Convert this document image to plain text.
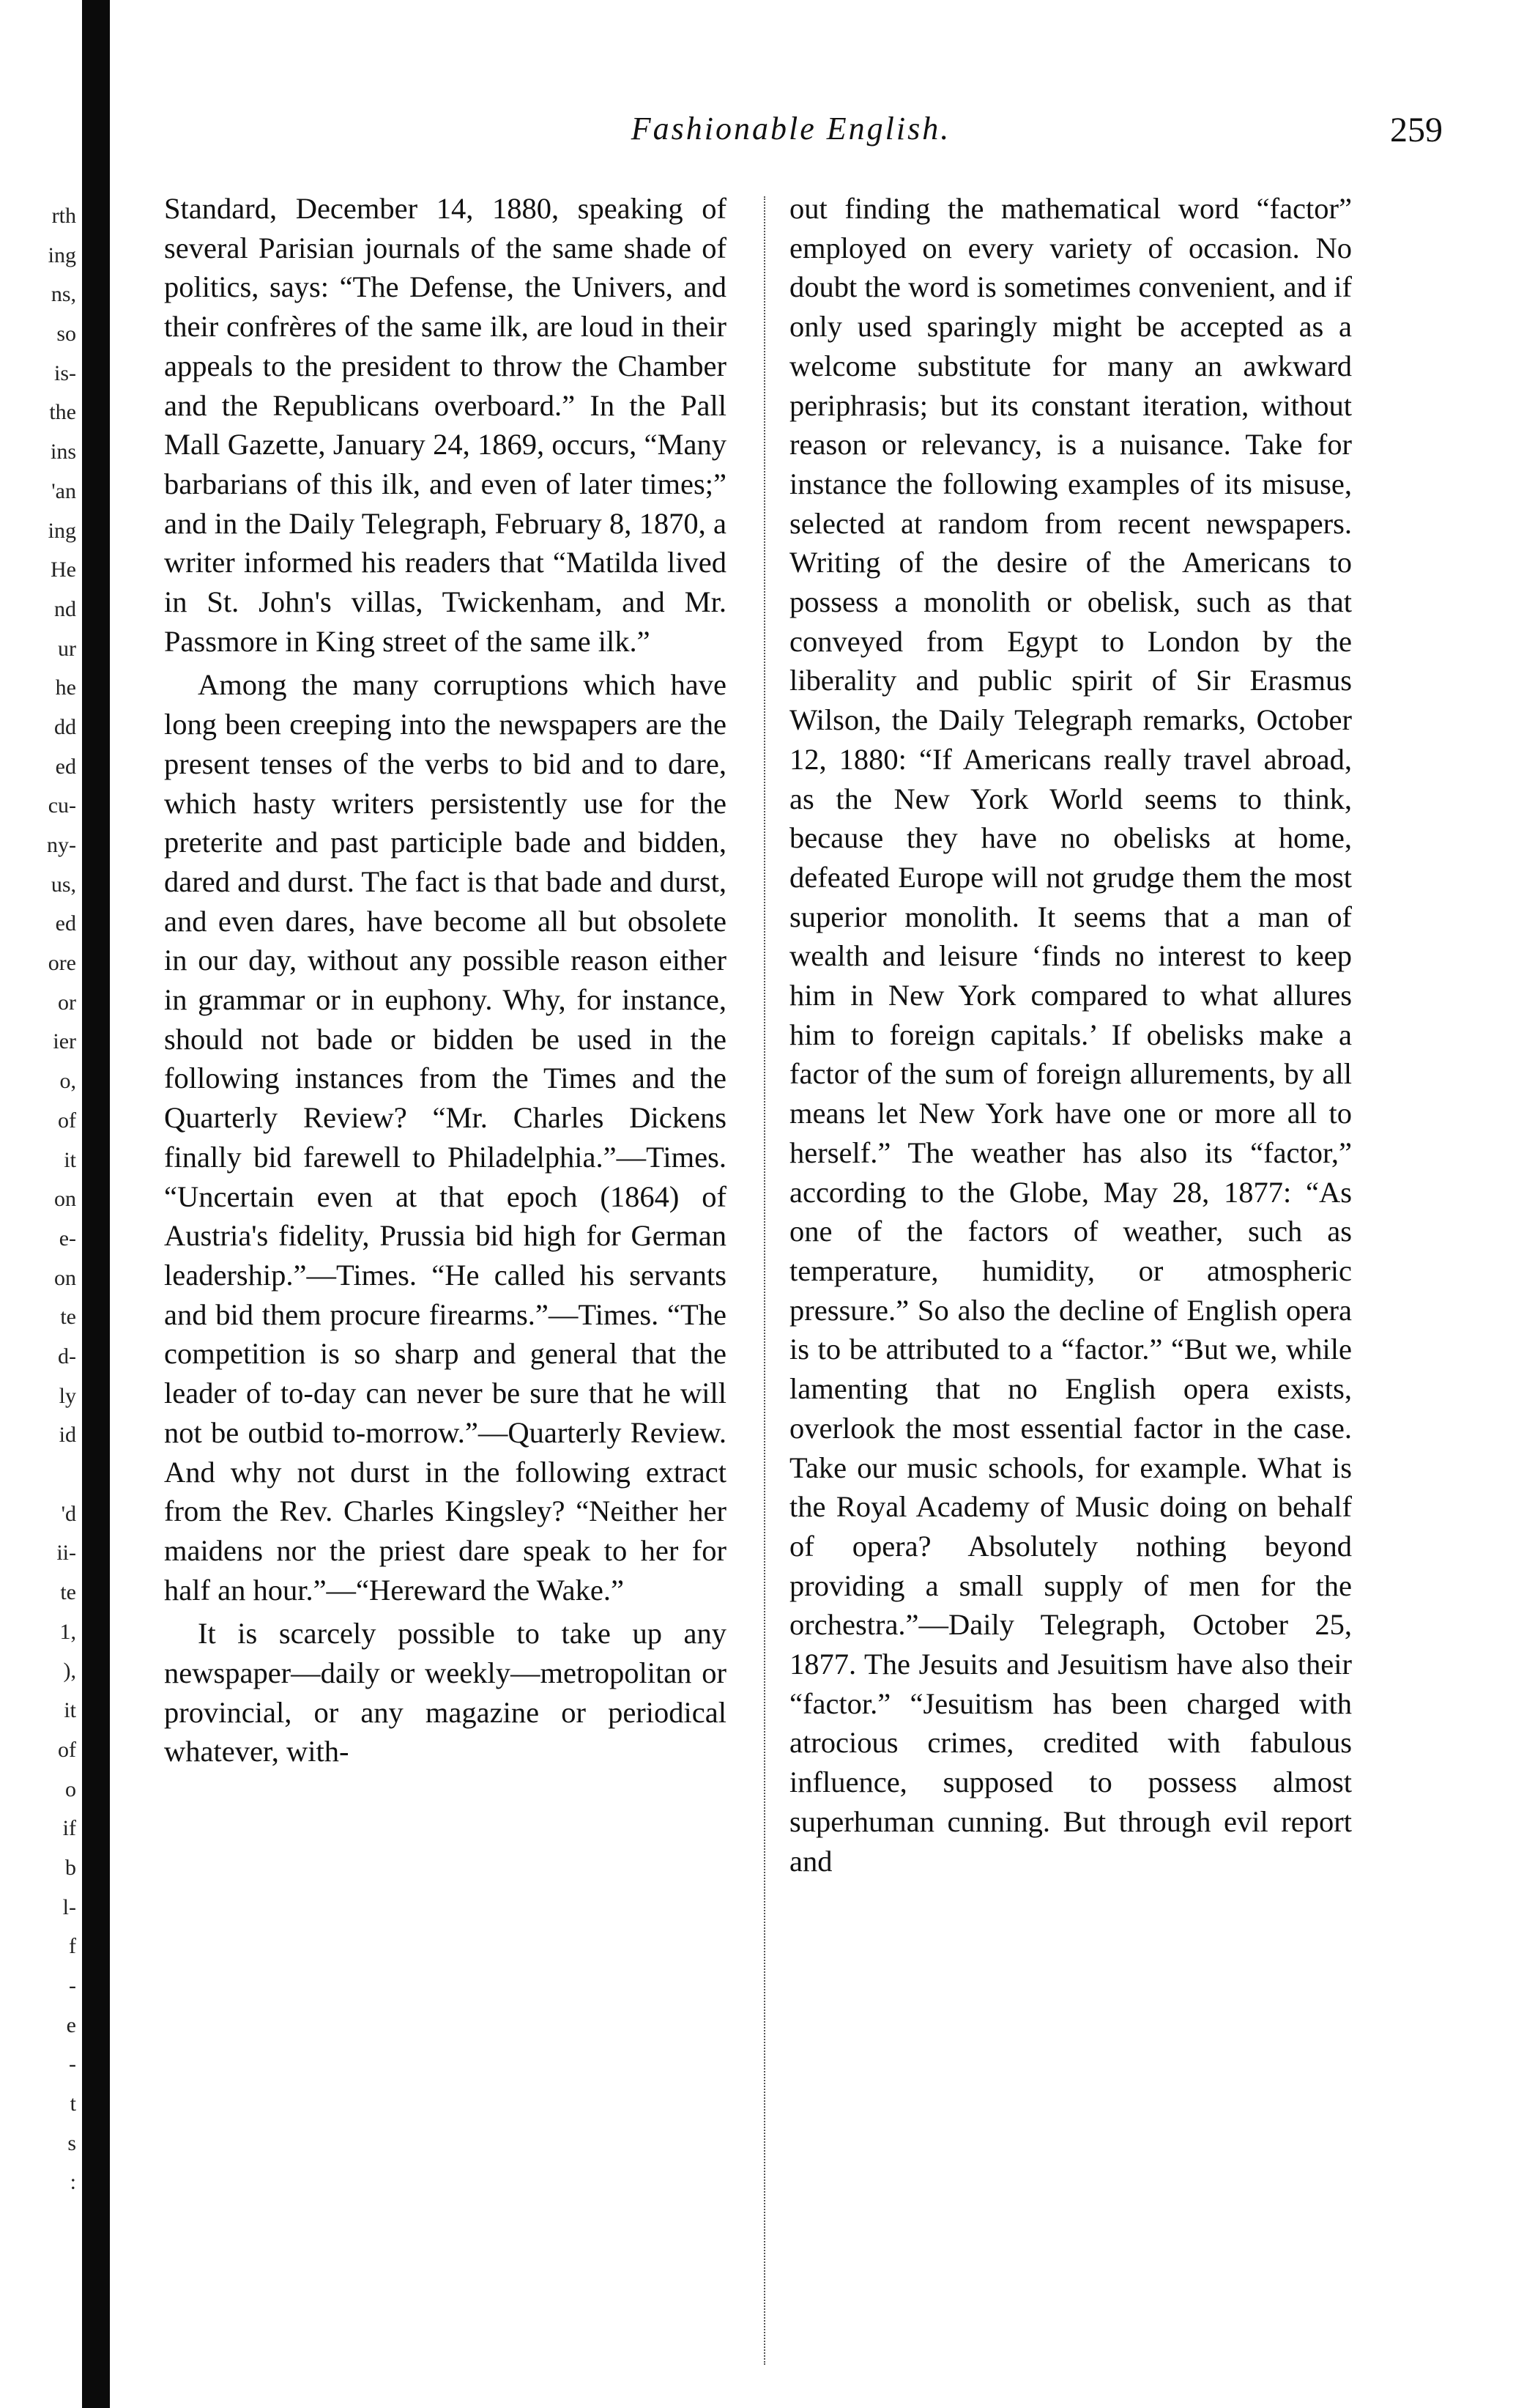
rth
ing
ns,
so
is-
the
ins
'an
ing
He
nd
ur
he
dd
ed
cu-
ny-
us,
ed
ore
or
ier
o,
of
it
on
e-
on
te
d-
ly
id
'd
ii-
te
1,
),
it
of
o
if
b
l-
f
-
e
-
t
s
:
Fashionable English.	259

Standard, December 14, 1880, speaking of several Parisian journals of the same shade of politics, says: “The Defense, the Univers, and their confrères of the same ilk, are loud in their appeals to the president to throw the Chamber and the Republicans overboard.” In the Pall Mall Gazette, January 24, 1869, occurs, “Many barbarians of this ilk, and even of later times;” and in the Daily Telegraph, February 8, 1870, a writer informed his readers that “Matilda lived in St. John's villas, Twickenham, and Mr. Passmore in King street of the same ilk.”

Among the many corruptions which have long been creeping into the newspapers are the present tenses of the verbs to bid and to dare, which hasty writers persistently use for the preterite and past participle bade and bidden, dared and durst. The fact is that bade and durst, and even dares, have become all but obsolete in our day, without any possible reason either in grammar or in euphony. Why, for instance, should not bade or bidden be used in the following instances from the Times and the Quarterly Review? “Mr. Charles Dickens finally bid farewell to Philadelphia.”—Times. “Uncertain even at that epoch (1864) of Austria's fidelity, Prussia bid high for German leadership.”—Times. “He called his servants and bid them procure firearms.”—Times. “The competition is so sharp and general that the leader of to-day can never be sure that he will not be outbid to-morrow.”—Quarterly Review. And why not durst in the following extract from the Rev. Charles Kingsley? “Neither her maidens nor the priest dare speak to her for half an hour.”—“Hereward the Wake.”

It is scarcely possible to take up any newspaper—daily or weekly—metropolitan or provincial, or any magazine or periodical whatever, with-

out finding the mathematical word “factor” employed on every variety of occasion. No doubt the word is sometimes convenient, and if only used sparingly might be accepted as a welcome substitute for many an awkward periphrasis; but its constant iteration, without reason or relevancy, is a nuisance. Take for instance the following examples of its misuse, selected at random from recent newspapers. Writing of the desire of the Americans to possess a monolith or obelisk, such as that conveyed from Egypt to London by the liberality and public spirit of Sir Erasmus Wilson, the Daily Telegraph remarks, October 12, 1880: “If Americans really travel abroad, as the New York World seems to think, because they have no obelisks at home, defeated Europe will not grudge them the most superior monolith. It seems that a man of wealth and leisure ‘finds no interest to keep him in New York compared to what allures him to foreign capitals.’ If obelisks make a factor of the sum of foreign allurements, by all means let New York have one or more all to herself.” The weather has also its “factor,” according to the Globe, May 28, 1877: “As one of the factors of weather, such as temperature, humidity, or atmospheric pressure.” So also the decline of English opera is to be attributed to a “factor.” “But we, while lamenting that no English opera exists, overlook the most essential factor in the case. Take our music schools, for example. What is the Royal Academy of Music doing on behalf of opera? Absolutely nothing beyond providing a small supply of men for the orchestra.”—Daily Telegraph, October 25, 1877. The Jesuits and Jesuitism have also their “factor.” “Jesuitism has been charged with atrocious crimes, credited with fabulous influence, supposed to possess almost superhuman cunning. But through evil report and
